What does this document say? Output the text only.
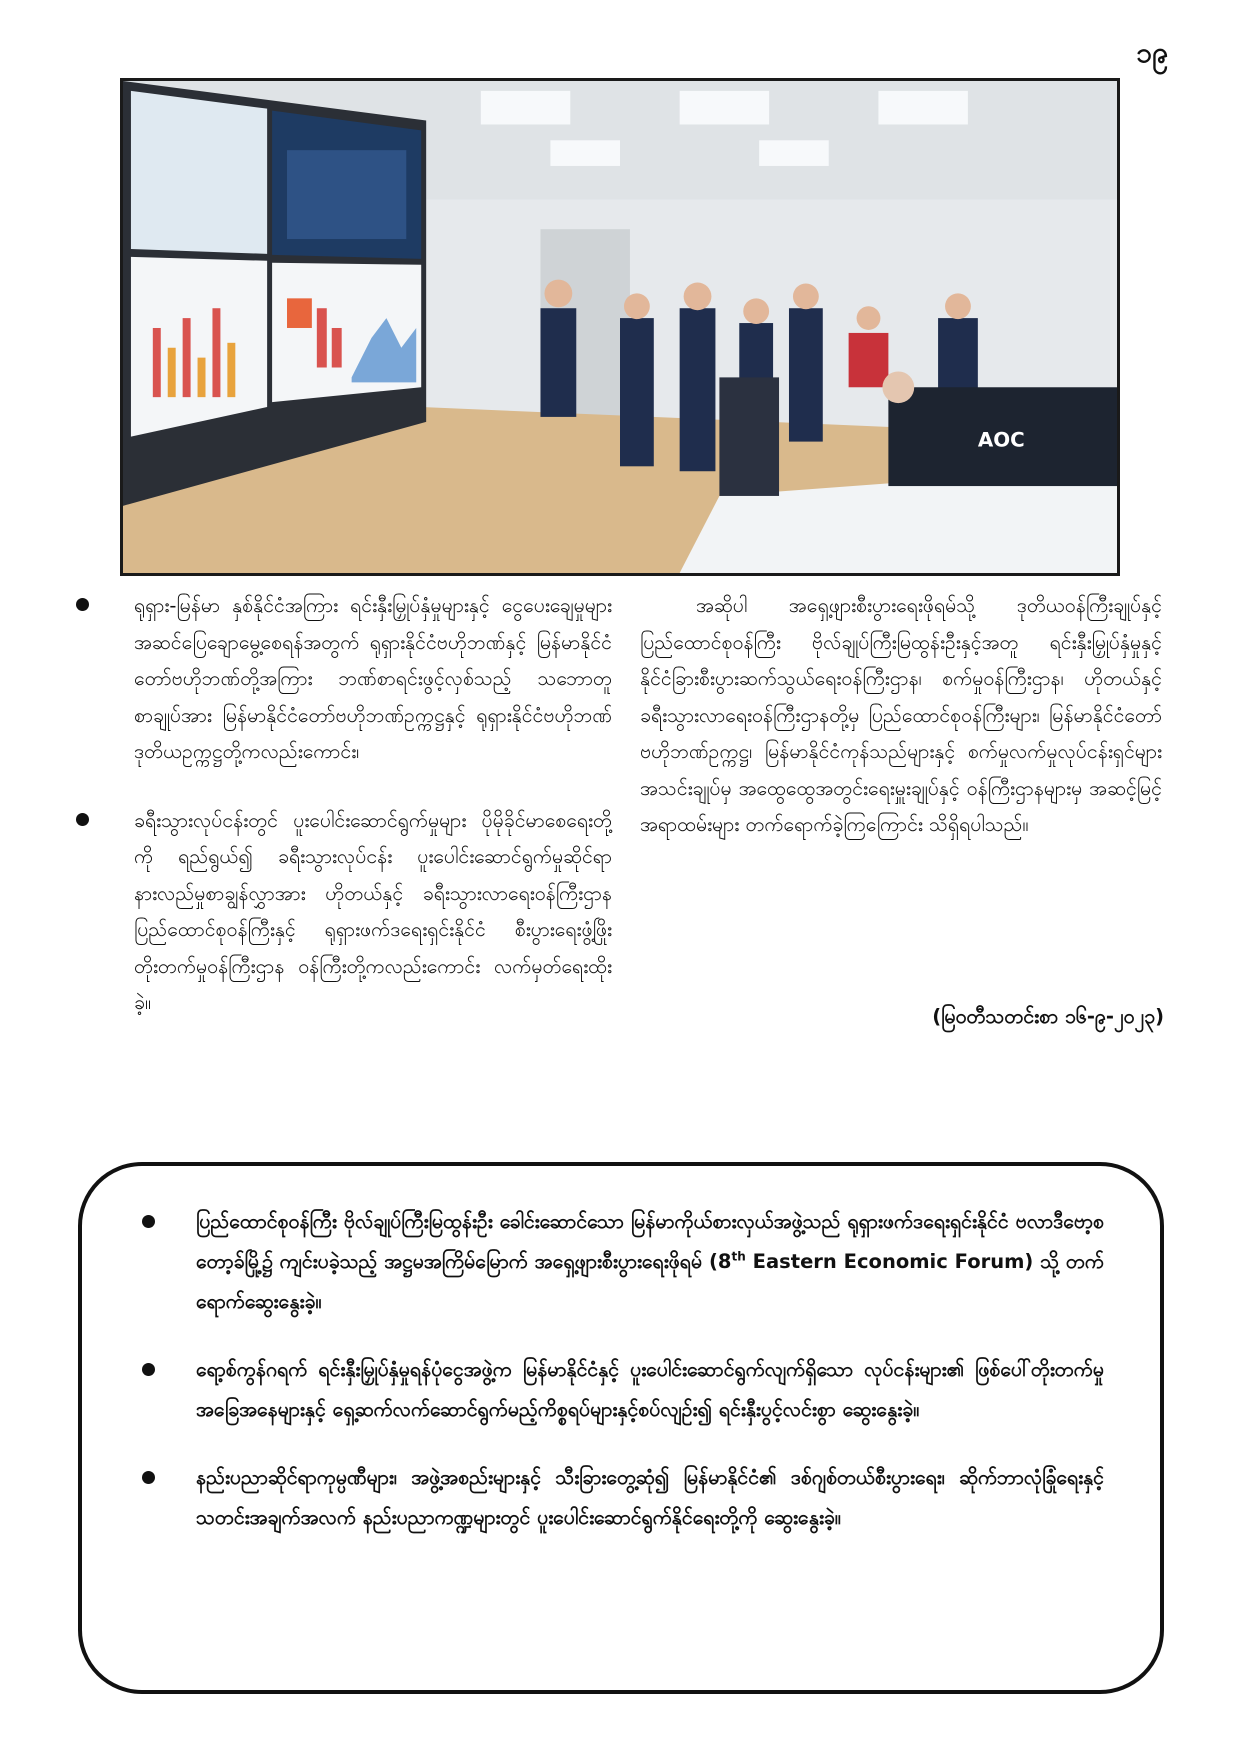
၁၉
AOC
ရုရှား-မြန်မာ နှစ်နိုင်ငံအကြား ရင်းနှီးမြှုပ်နှံမှုများနှင့် ငွေပေးချေမှုများ အဆင်ပြေချောမွေ့စေရန်အတွက် ရုရှားနိုင်ငံဗဟိုဘဏ်နှင့် မြန်မာနိုင်ငံတော်ဗဟိုဘဏ်တို့အကြား ဘဏ်စာရင်းဖွင့်လှစ်သည့် သဘောတူစာချုပ်အား မြန်မာနိုင်ငံတော်ဗဟိုဘဏ်ဥက္ကဋ္ဌနှင့် ရုရှားနိုင်ငံဗဟိုဘဏ်ဒုတိယဥက္ကဋ္ဌတို့ကလည်းကောင်း၊
ခရီးသွားလုပ်ငန်းတွင် ပူးပေါင်းဆောင်ရွက်မှုများ ပိုမိုခိုင်မာစေရေးတို့ကို ရည်ရွယ်၍ ခရီးသွားလုပ်ငန်း ပူးပေါင်းဆောင်ရွက်မှုဆိုင်ရာ နားလည်မှုစာချွန်လွှာအား ဟိုတယ်နှင့် ခရီးသွားလာရေးဝန်ကြီးဌာန ပြည်ထောင်စုဝန်ကြီးနှင့် ရုရှားဖက်ဒရေးရှင်းနိုင်ငံ စီးပွားရေးဖွံ့ဖြိုးတိုးတက်မှုဝန်ကြီးဌာန ဝန်ကြီးတို့ကလည်းကောင်း လက်မှတ်ရေးထိုးခဲ့။

အဆိုပါ အရှေ့ဖျားစီးပွားရေးဖိုရမ်သို့ ဒုတိယဝန်ကြီးချုပ်နှင့် ပြည်ထောင်စုဝန်ကြီး ဗိုလ်ချုပ်ကြီးမြထွန်းဦးနှင့်အတူ ရင်းနှီးမြှုပ်နှံမှုနှင့် နိုင်ငံခြားစီးပွားဆက်သွယ်ရေးဝန်ကြီးဌာန၊ စက်မှုဝန်ကြီးဌာန၊ ဟိုတယ်နှင့် ခရီးသွားလာရေးဝန်ကြီးဌာနတို့မှ ပြည်ထောင်စုဝန်ကြီးများ၊ မြန်မာနိုင်ငံတော်ဗဟိုဘဏ်ဥက္ကဋ္ဌ၊ မြန်မာနိုင်ငံကုန်သည်များနှင့် စက်မှုလက်မှုလုပ်ငန်းရှင်များအသင်းချုပ်မှ အထွေထွေအတွင်းရေးမှူးချုပ်နှင့် ဝန်ကြီးဌာနများမှ အဆင့်မြင့်အရာထမ်းများ တက်ရောက်ခဲ့ကြကြောင်း သိရှိရပါသည်။

(မြဝတီသတင်းစာ ၁၆-၉-၂၀၂၃)
ပြည်ထောင်စုဝန်ကြီး ဗိုလ်ချုပ်ကြီးမြထွန်းဦး ခေါင်းဆောင်သော မြန်မာကိုယ်စားလှယ်အဖွဲ့သည် ရုရှားဖက်ဒရေးရှင်းနိုင်ငံ ဗလာဒီဗော့စတော့ခ်မြို့၌ ကျင်းပခဲ့သည့် အဋ္ဌမအကြိမ်မြောက် အရှေ့ဖျားစီးပွားရေးဖိုရမ် (8th Eastern Economic Forum) သို့ တက်ရောက်ဆွေးနွေးခဲ့။
ရော့စ်ကွန်ဂရက် ရင်းနှီးမြှုပ်နှံမှုရန်ပုံငွေအဖွဲ့က မြန်မာနိုင်ငံနှင့် ပူးပေါင်းဆောင်ရွက်လျက်ရှိသော လုပ်ငန်းများ၏ ဖြစ်ပေါ်တိုးတက်မှုအခြေအနေများနှင့် ရှေ့ဆက်လက်ဆောင်ရွက်မည့်ကိစ္စရပ်များနှင့်စပ်လျဉ်း၍ ရင်းနှီးပွင့်လင်းစွာ ဆွေးနွေးခဲ့။
နည်းပညာဆိုင်ရာကုမ္ပဏီများ၊ အဖွဲ့အစည်းများနှင့် သီးခြားတွေ့ဆုံ၍ မြန်မာနိုင်ငံ၏ ဒစ်ဂျစ်တယ်စီးပွားရေး၊ ဆိုက်ဘာလုံခြုံရေးနှင့် သတင်းအချက်အလက် နည်းပညာကဏ္ဍများတွင် ပူးပေါင်းဆောင်ရွက်နိုင်ရေးတို့ကို ဆွေးနွေးခဲ့။
